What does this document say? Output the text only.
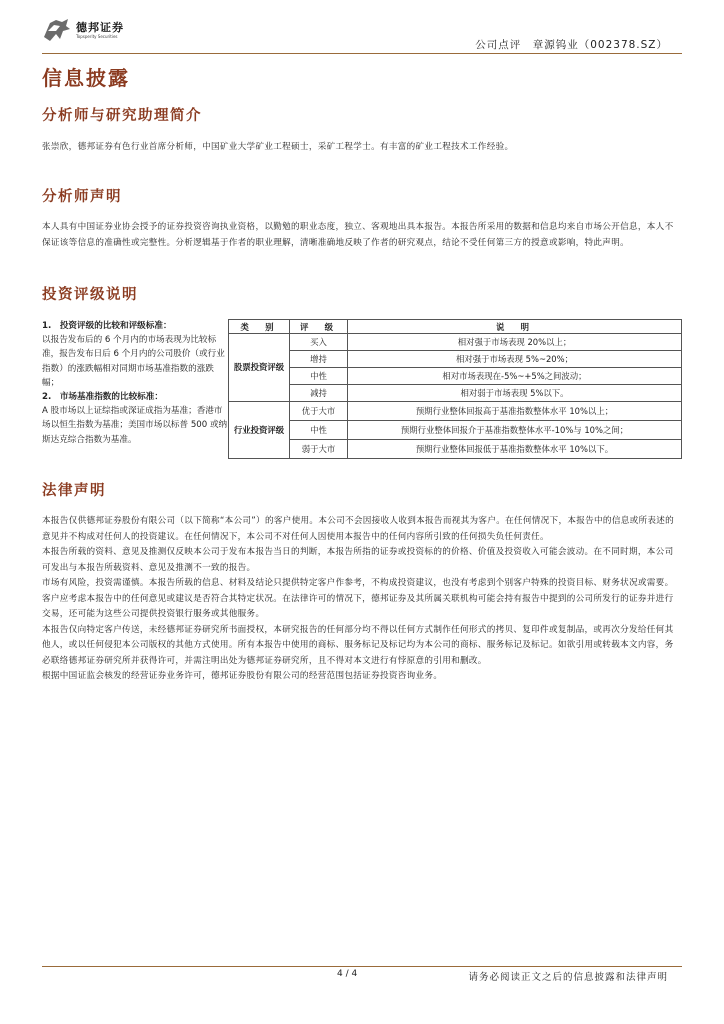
德邦证券
Topsperity Securities
公司点评　章源钨业（002378.SZ）
信息披露
分析师与研究助理简介
张崇欣，德邦证券有色行业首席分析师，中国矿业大学矿业工程硕士，采矿工程学士。有丰富的矿业工程技术工作经验。
分析师声明
本人具有中国证券业协会授予的证券投资咨询执业资格，以勤勉的职业态度，独立、客观地出具本报告。本报告所采用的数据和信息均来自市场公开信息，本人不保证该等信息的准确性或完整性。分析逻辑基于作者的职业理解，清晰准确地反映了作者的研究观点，结论不受任何第三方的授意或影响，特此声明。
投资评级说明
1.　投资评级的比较和评级标准：
以报告发布后的 6 个月内的市场表现为比较标准，报告发布日后 6 个月内的公司股价（或行业指数）的涨跌幅相对同期市场基准指数的涨跌幅；
2.　市场基准指数的比较标准：
A 股市场以上证综指或深证成指为基准；香港市场以恒生指数为基准；美国市场以标普 500 或纳斯达克综合指数为基准。
类　别	评　级	说　明
股票投资评级	买入	相对强于市场表现 20%以上；
	增持	相对强于市场表现 5%~20%；
	中性	相对市场表现在-5%~+5%之间波动；
	减持	相对弱于市场表现 5%以下。
行业投资评级	优于大市	预期行业整体回报高于基准指数整体水平 10%以上；
	中性	预期行业整体回报介于基准指数整体水平-10%与 10%之间；
	弱于大市	预期行业整体回报低于基准指数整体水平 10%以下。
法律声明
本报告仅供德邦证券股份有限公司（以下简称“本公司”）的客户使用。本公司不会因接收人收到本报告而视其为客户。在任何情况下，本报告中的信息或所表述的意见并不构成对任何人的投资建议。在任何情况下，本公司不对任何人因使用本报告中的任何内容所引致的任何损失负任何责任。
本报告所载的资料、意见及推测仅反映本公司于发布本报告当日的判断，本报告所指的证券或投资标的的价格、价值及投资收入可能会波动。在不同时期，本公司可发出与本报告所载资料、意见及推测不一致的报告。
市场有风险，投资需谨慎。本报告所载的信息、材料及结论只提供特定客户作参考，不构成投资建议，也没有考虑到个别客户特殊的投资目标、财务状况或需要。客户应考虑本报告中的任何意见或建议是否符合其特定状况。在法律许可的情况下，德邦证券及其所属关联机构可能会持有报告中提到的公司所发行的证券并进行交易，还可能为这些公司提供投资银行服务或其他服务。
本报告仅向特定客户传送，未经德邦证券研究所书面授权，本研究报告的任何部分均不得以任何方式制作任何形式的拷贝、复印件或复制品，或再次分发给任何其他人，或以任何侵犯本公司版权的其他方式使用。所有本报告中使用的商标、服务标记及标记均为本公司的商标、服务标记及标记。如欲引用或转载本文内容，务必联络德邦证券研究所并获得许可，并需注明出处为德邦证券研究所，且不得对本文进行有悖原意的引用和删改。
根据中国证监会核发的经营证券业务许可，德邦证券股份有限公司的经营范围包括证券投资咨询业务。
4 / 4	请务必阅读正文之后的信息披露和法律声明
